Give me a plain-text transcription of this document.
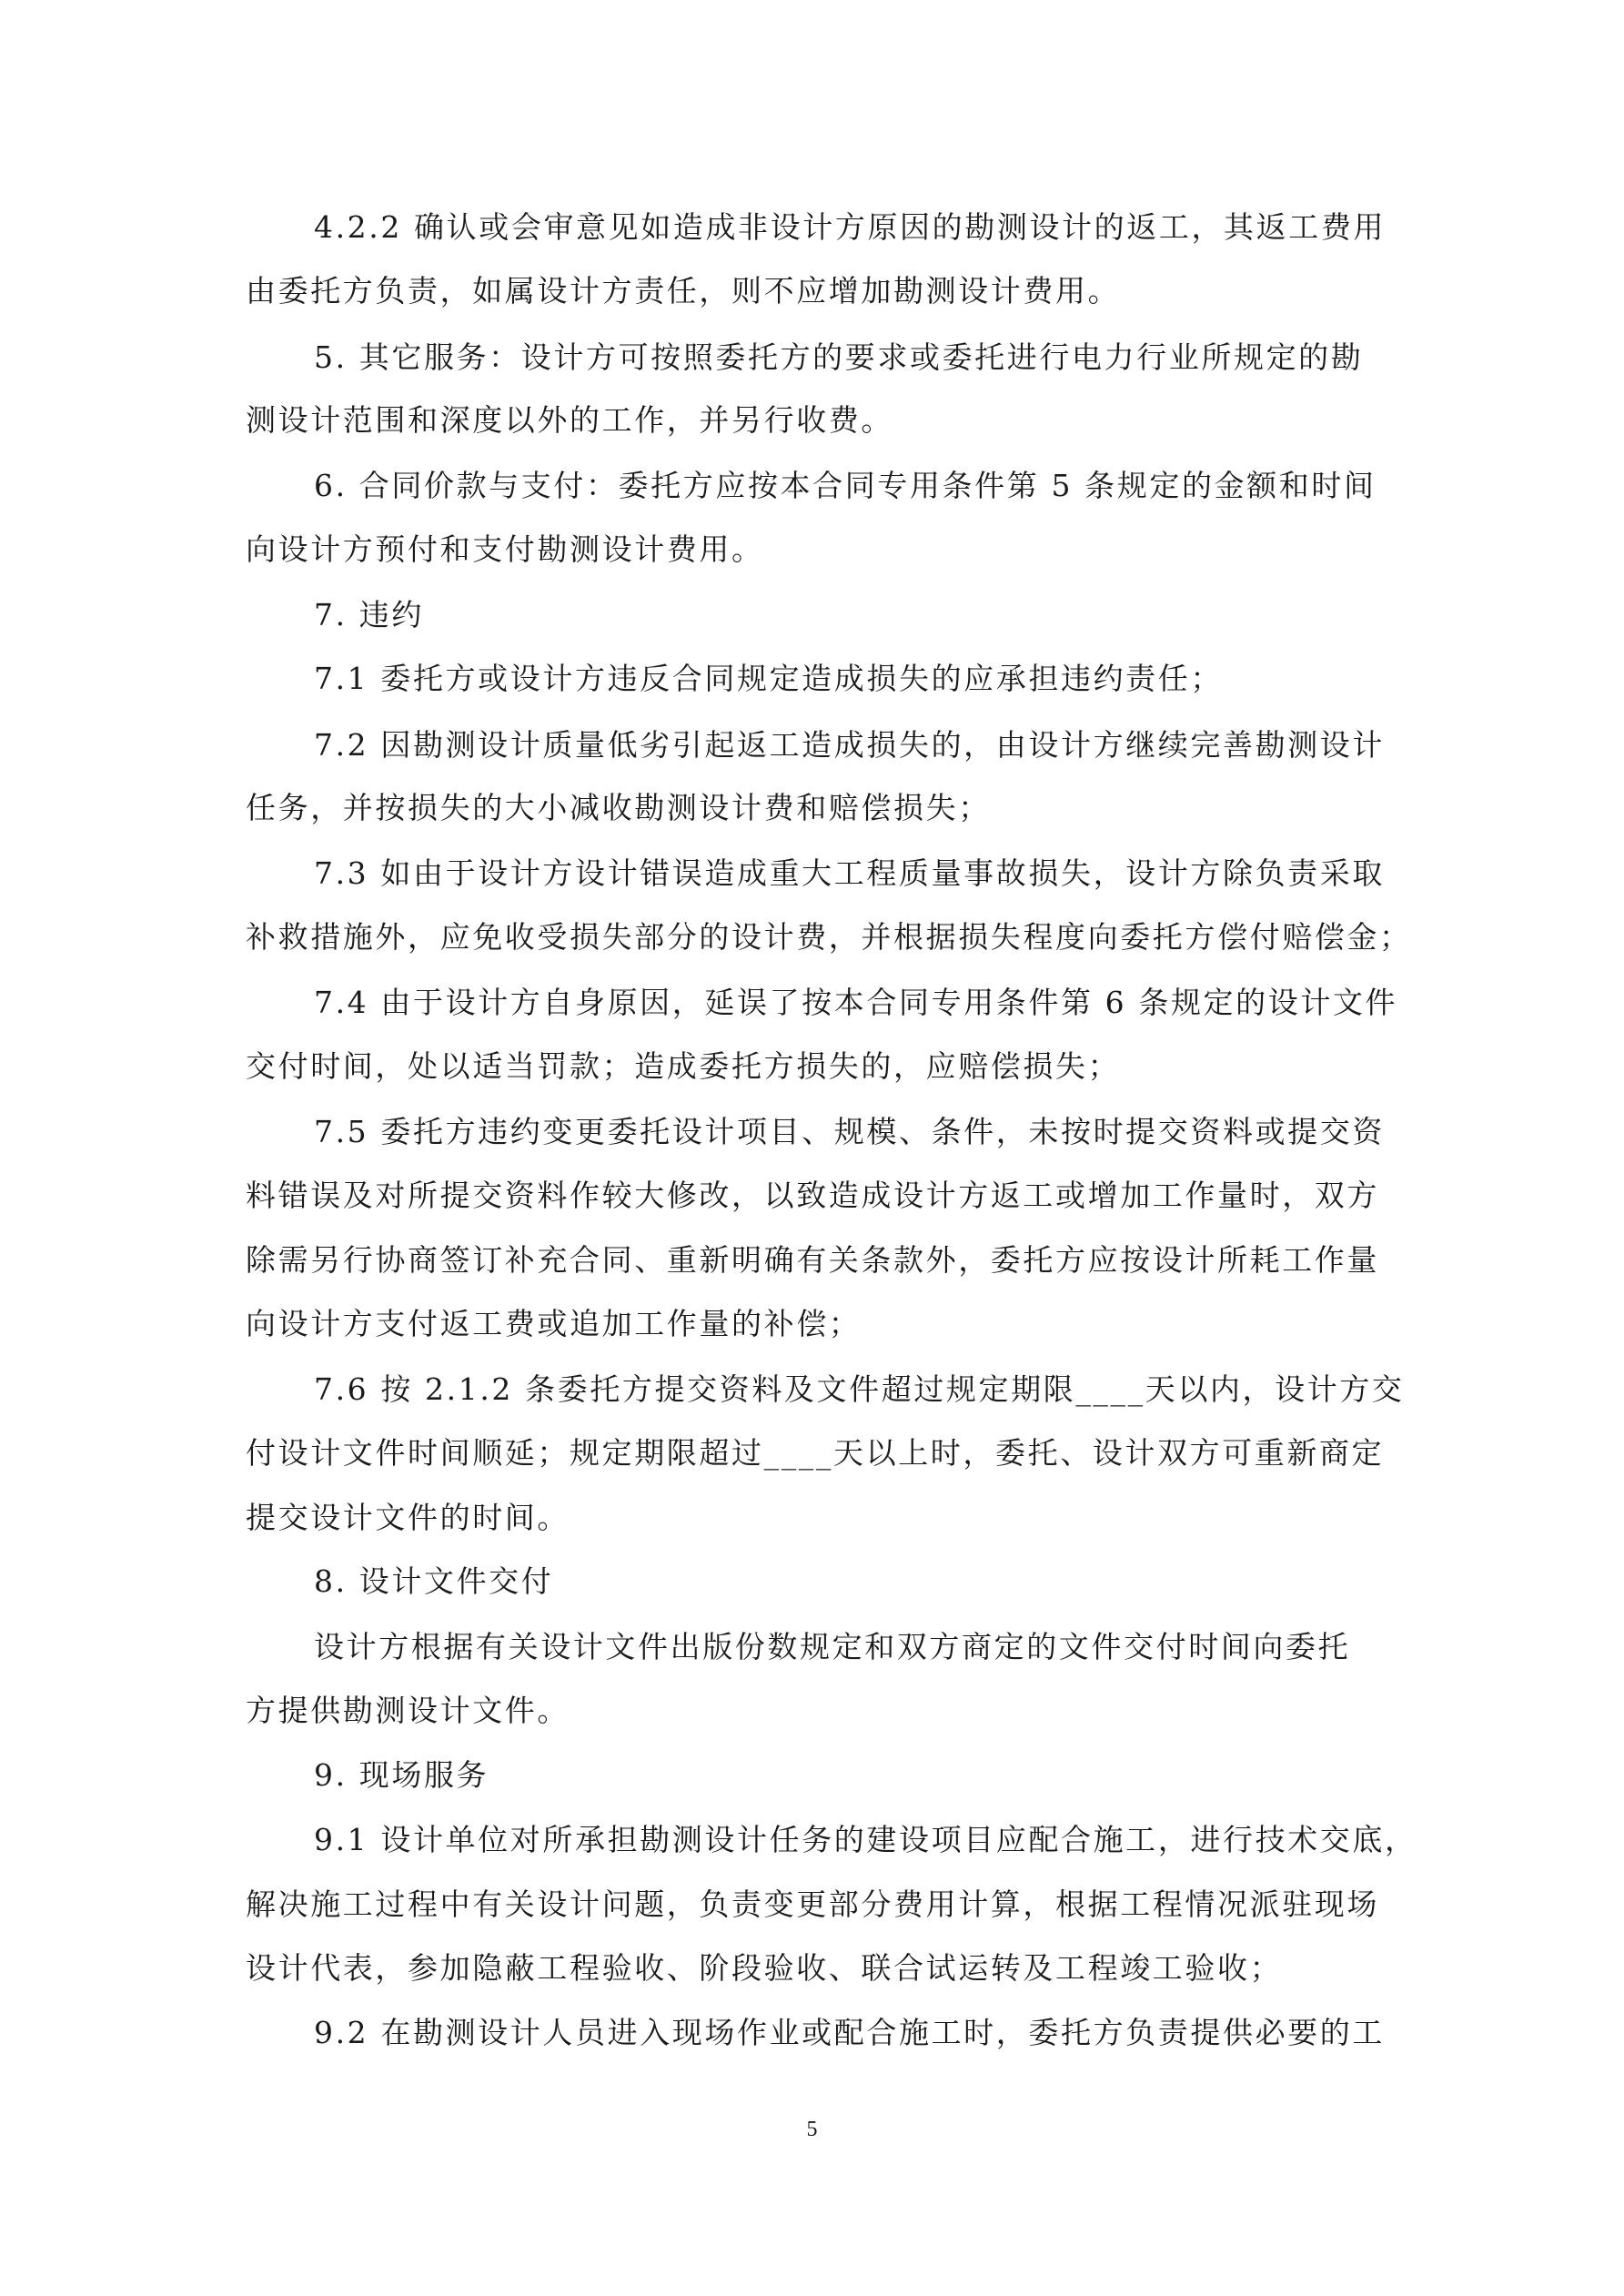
4.2.2 确认或会审意见如造成非设计方原因的勘测设计的返工，其返工费用
由委托方负责，如属设计方责任，则不应增加勘测设计费用。
5. 其它服务：设计方可按照委托方的要求或委托进行电力行业所规定的勘
测设计范围和深度以外的工作，并另行收费。
6. 合同价款与支付：委托方应按本合同专用条件第 5 条规定的金额和时间
向设计方预付和支付勘测设计费用。
7. 违约
7.1 委托方或设计方违反合同规定造成损失的应承担违约责任；
7.2 因勘测设计质量低劣引起返工造成损失的，由设计方继续完善勘测设计
任务，并按损失的大小减收勘测设计费和赔偿损失；
7.3 如由于设计方设计错误造成重大工程质量事故损失，设计方除负责采取
补救措施外，应免收受损失部分的设计费，并根据损失程度向委托方偿付赔偿金；
7.4 由于设计方自身原因，延误了按本合同专用条件第 6 条规定的设计文件
交付时间，处以适当罚款；造成委托方损失的，应赔偿损失；
7.5 委托方违约变更委托设计项目、规模、条件，未按时提交资料或提交资
料错误及对所提交资料作较大修改，以致造成设计方返工或增加工作量时，双方
除需另行协商签订补充合同、重新明确有关条款外，委托方应按设计所耗工作量
向设计方支付返工费或追加工作量的补偿；
7.6 按 2.1.2 条委托方提交资料及文件超过规定期限____天以内，设计方交
付设计文件时间顺延；规定期限超过____天以上时，委托、设计双方可重新商定
提交设计文件的时间。
8. 设计文件交付
设计方根据有关设计文件出版份数规定和双方商定的文件交付时间向委托
方提供勘测设计文件。
9. 现场服务
9.1 设计单位对所承担勘测设计任务的建设项目应配合施工，进行技术交底，
解决施工过程中有关设计问题，负责变更部分费用计算，根据工程情况派驻现场
设计代表，参加隐蔽工程验收、阶段验收、联合试运转及工程竣工验收；
9.2 在勘测设计人员进入现场作业或配合施工时，委托方负责提供必要的工
5
